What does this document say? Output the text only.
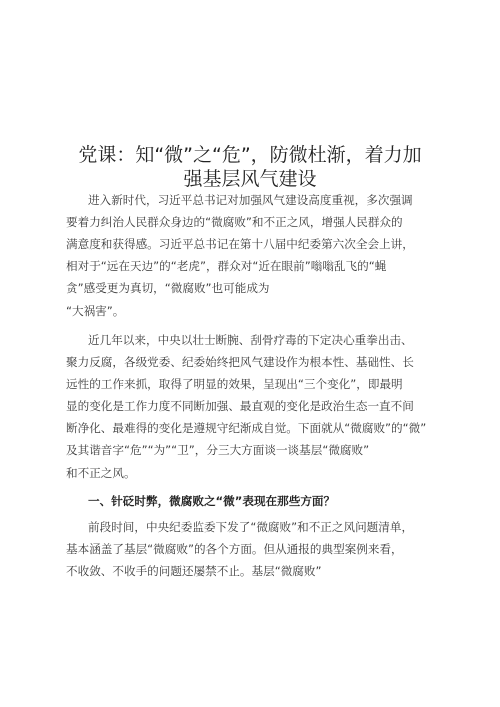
党课：知“微”之“危”，防微杜渐，着力加
强基层风气建设
进入新时代，习近平总书记对加强风气建设高度重视，多次强调
要着力纠治人民群众身边的“微腐败”和不正之风，增强人民群众的
满意度和获得感。习近平总书记在第十八届中纪委第六次全会上讲，
相对于“远在天边”的“老虎”，群众对“近在眼前”嗡嗡乱飞的“蝇
贪”感受更为真切，“微腐败”也可能成为
“大祸害”。
近几年以来，中央以壮士断腕、刮骨疗毒的下定决心重拳出击、
聚力反腐，各级党委、纪委始终把风气建设作为根本性、基础性、长
远性的工作来抓，取得了明显的效果，呈现出“三个变化”，即最明
显的变化是工作力度不同断加强、最直观的变化是政治生态一直不间
断净化、最难得的变化是遵规守纪渐成自觉。下面就从“微腐败”的“微”
及其谐音字“危”“为”“卫”，分三大方面谈一谈基层“微腐败”
和不正之风。
一、针砭时弊，微腐败之“微”表现在那些方面？
前段时间，中央纪委监委下发了“微腐败”和不正之风问题清单，
基本涵盖了基层“微腐败”的各个方面。但从通报的典型案例来看，
不收敛、不收手的问题还屡禁不止。基层“微腐败”
